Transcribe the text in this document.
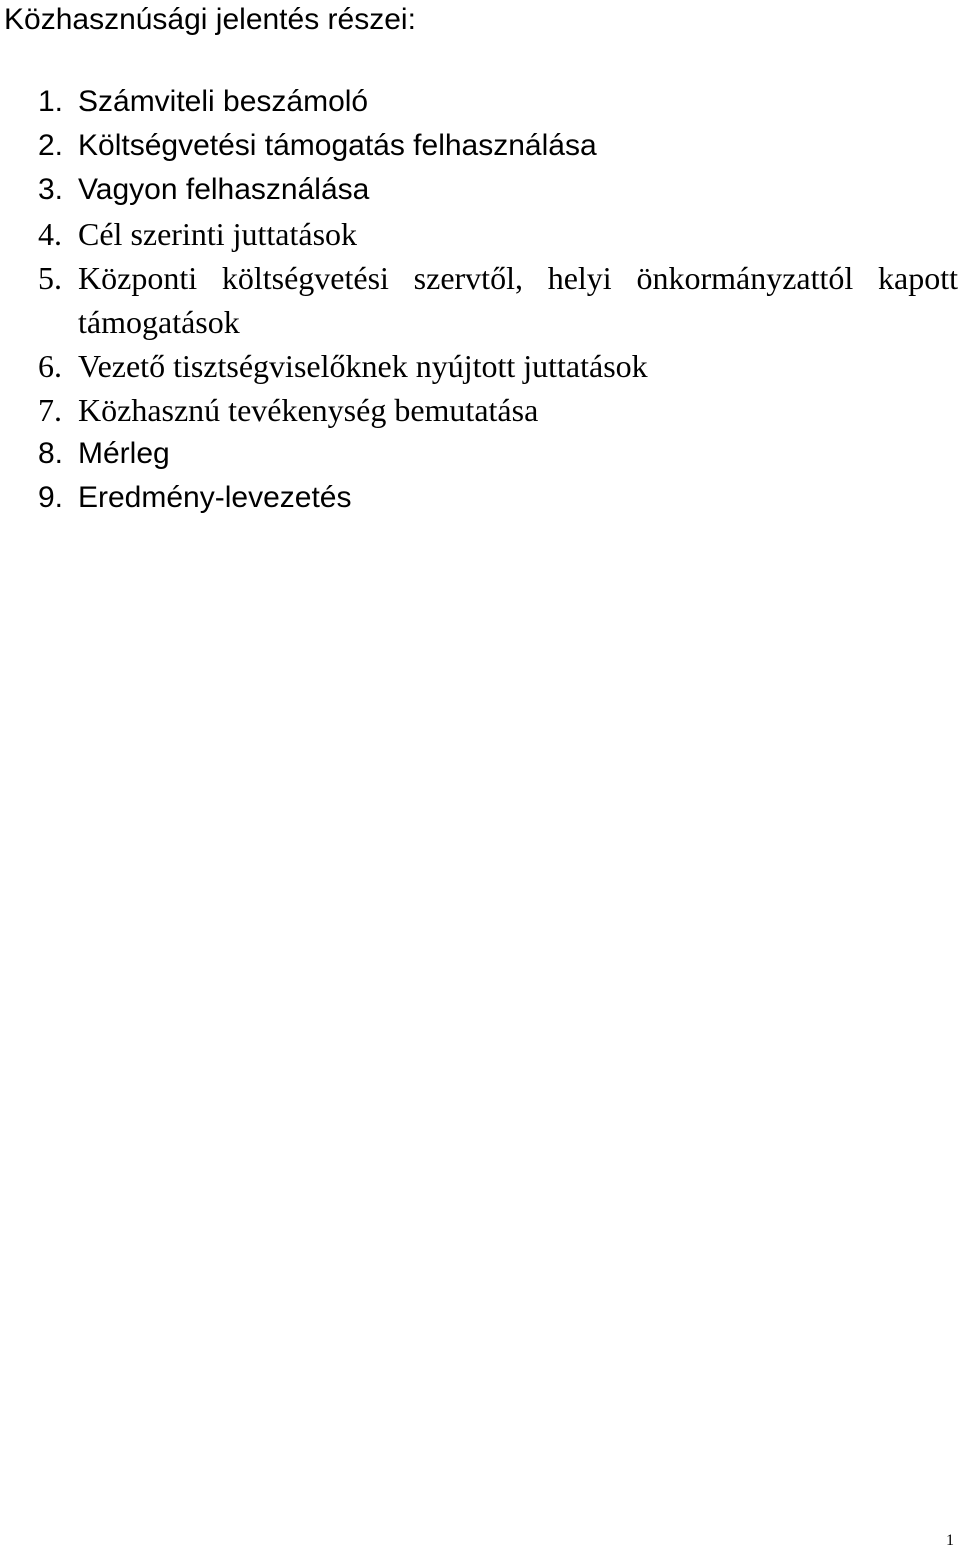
Közhasznúsági jelentés részei:
1. Számviteli beszámoló
2. Költségvetési támogatás felhasználása
3. Vagyon felhasználása
4. Cél szerinti juttatások
5. Központi költségvetési szervtől, helyi önkormányzattól kapott támogatások
6. Vezető tisztségviselőknek nyújtott juttatások
7. Közhasznú tevékenység bemutatása
8. Mérleg
9. Eredmény-levezetés
1
